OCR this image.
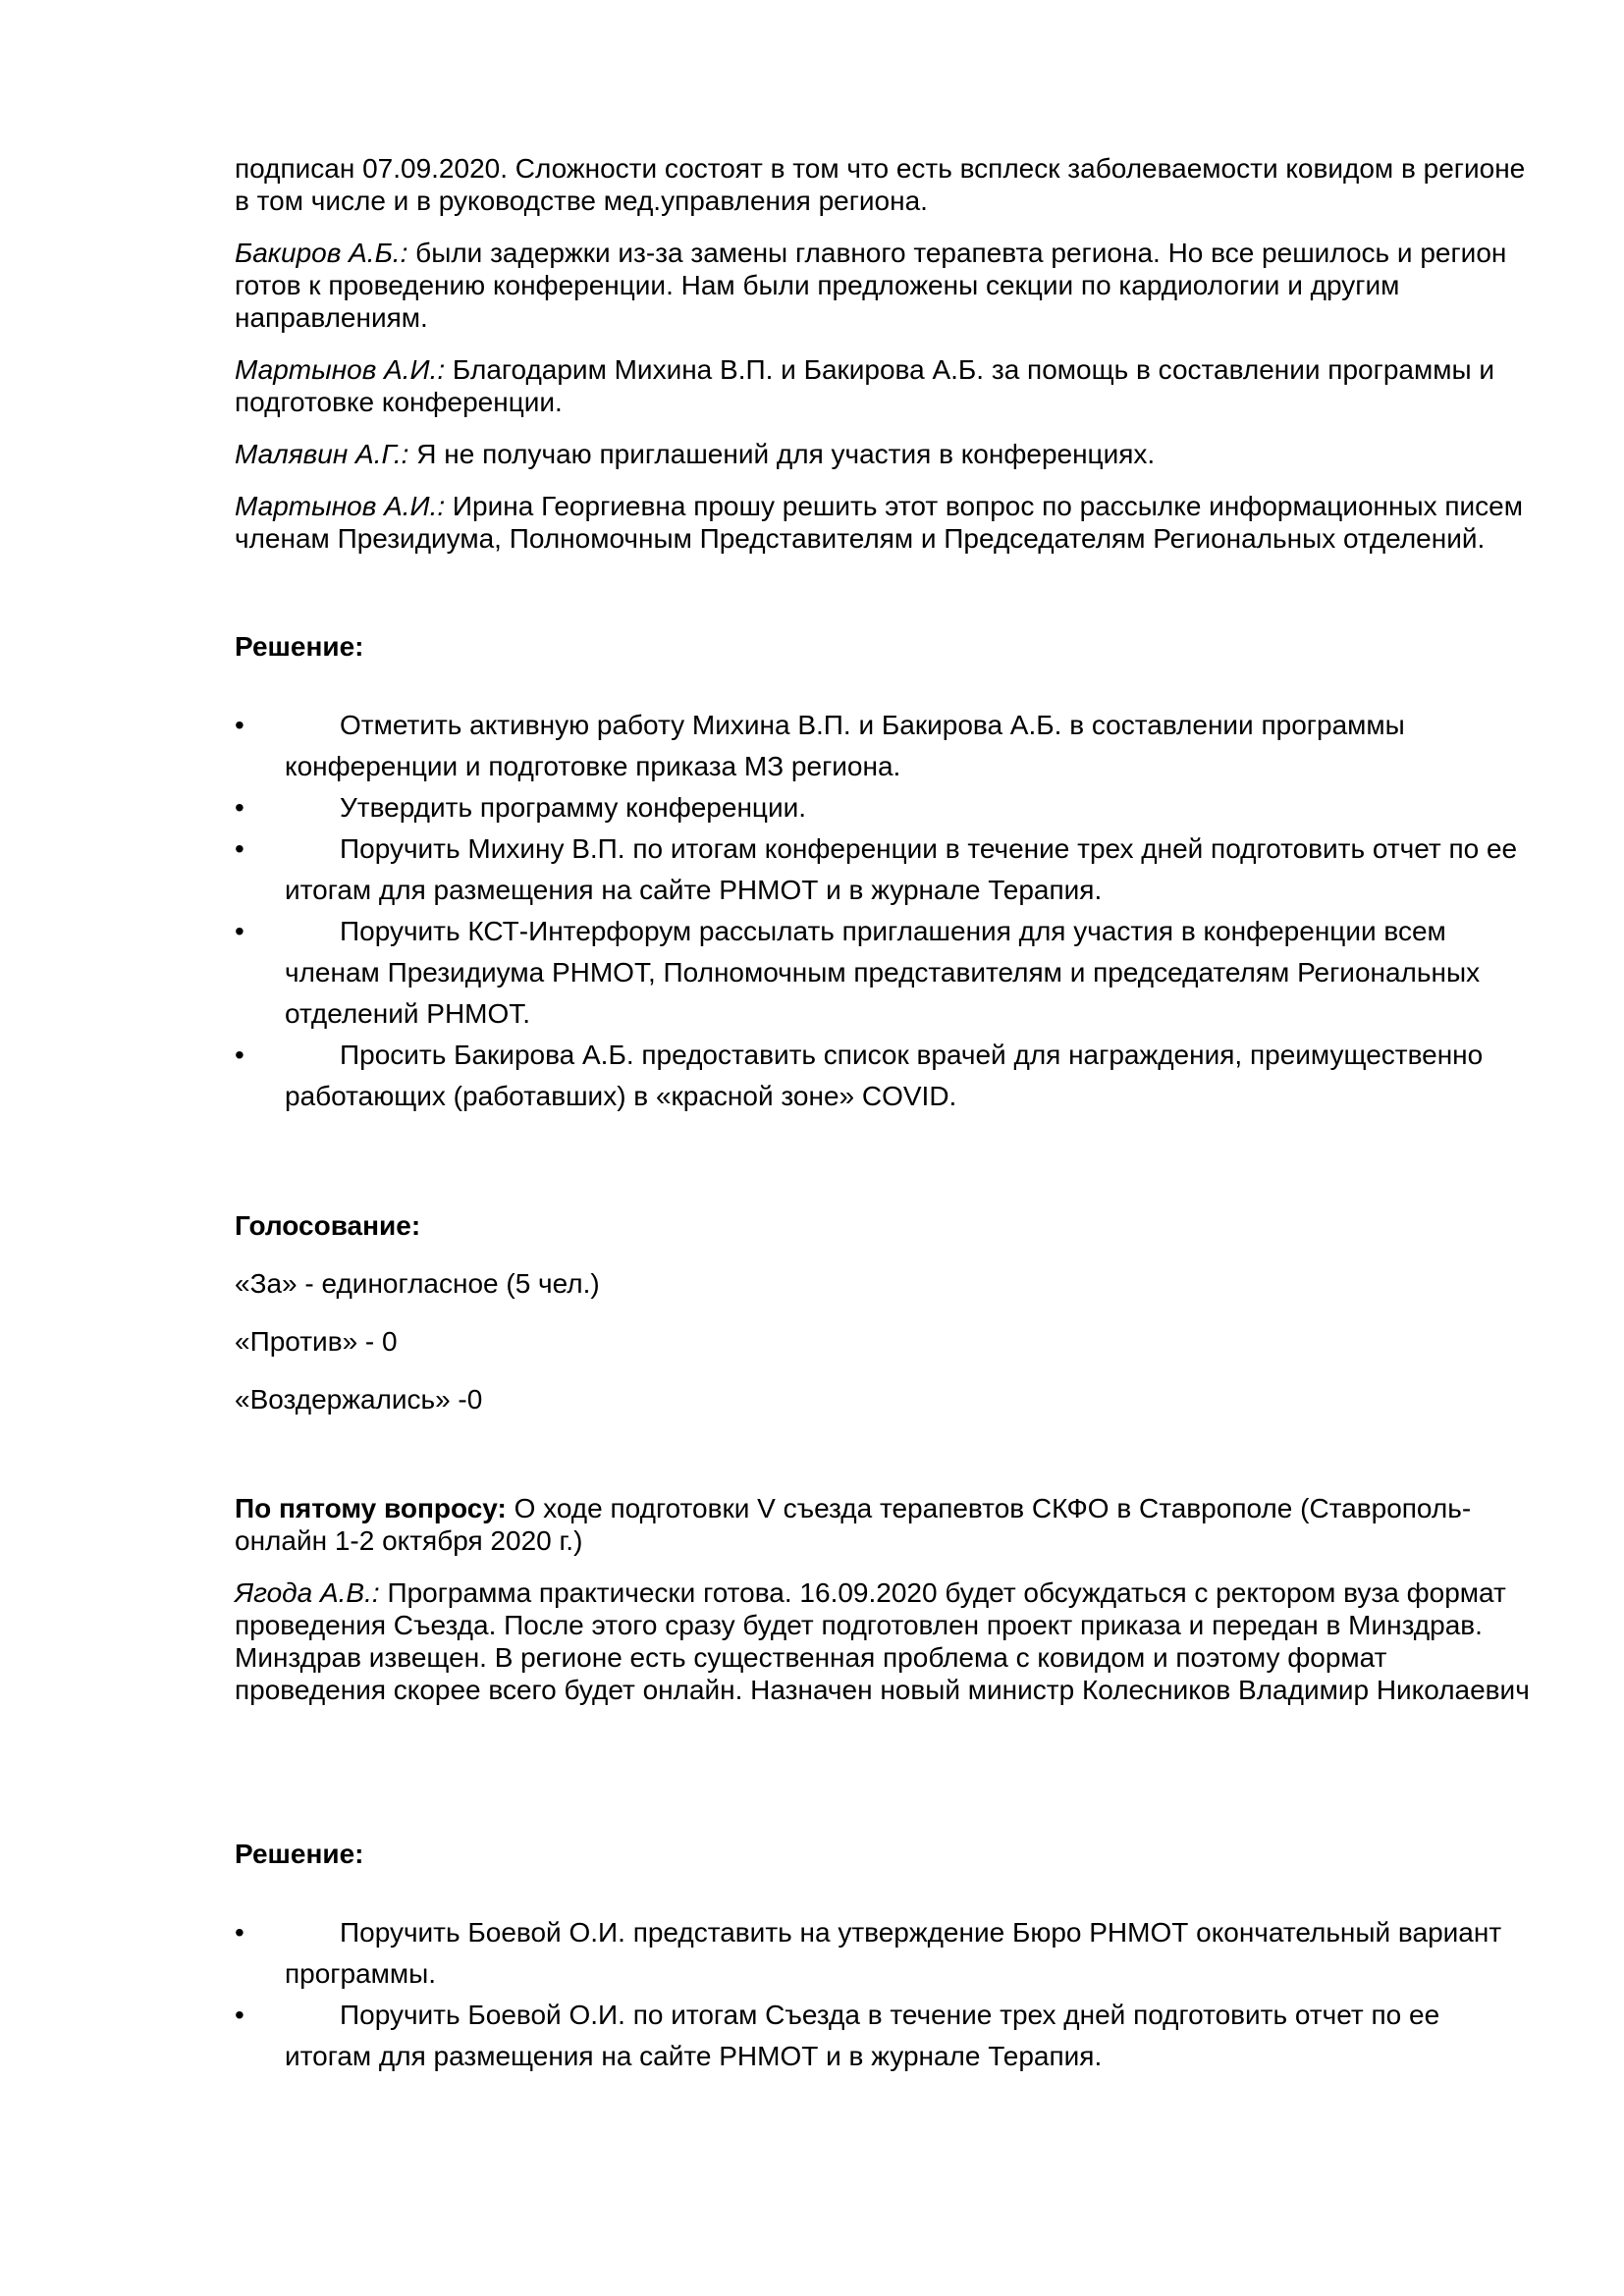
подписан 07.09.2020. Сложности состоят в том что есть всплеск заболеваемости ковидом в регионе в том числе и в руководстве мед.управления региона.

Бакиров А.Б.: были задержки из-за замены главного терапевта региона. Но все решилось и регион готов к проведению конференции. Нам были предложены секции по кардиологии и другим направлениям.

Мартынов А.И.: Благодарим Михина В.П. и Бакирова А.Б. за помощь в составлении программы и подготовке конференции.

Малявин А.Г.: Я не получаю приглашений для участия в конференциях.

Мартынов А.И.: Ирина Георгиевна прошу решить этот вопрос по рассылке информационных писем членам Президиума, Полномочным Представителям и Председателям Региональных отделений.

Решение:

•	Отметить активную работу Михина В.П. и Бакирова А.Б. в составлении программы конференции и подготовке приказа МЗ региона.
•	Утвердить программу конференции.
•	Поручить Михину В.П. по итогам конференции в течение трех дней подготовить отчет по ее итогам для размещения на сайте РНМОТ и в журнале Терапия.
•	Поручить КСТ-Интерфорум рассылать приглашения для участия в конференции всем членам Президиума РНМОТ, Полномочным представителям и председателям Региональных отделений РНМОТ.
•	Просить Бакирова А.Б. предоставить список врачей для награждения, преимущественно работающих (работавших) в «красной зоне» COVID.

Голосование:

«За» - единогласное (5 чел.)

«Против» - 0

«Воздержались» -0

По пятому вопросу: О ходе подготовки V съезда терапевтов СКФО в Ставрополе (Ставрополь- онлайн 1-2 октября 2020 г.)

Ягода А.В.: Программа практически готова. 16.09.2020 будет обсуждаться с ректором вуза формат проведения Съезда. После этого сразу будет подготовлен проект приказа и передан в Минздрав. Минздрав извещен. В регионе есть существенная проблема с ковидом и поэтому формат проведения скорее всего будет онлайн. Назначен новый министр Колесников Владимир Николаевич

Решение:

•	Поручить Боевой О.И. представить на утверждение Бюро РНМОТ окончательный вариант программы.
•	Поручить Боевой О.И. по итогам Съезда в течение трех дней подготовить отчет по ее итогам для размещения на сайте РНМОТ и в журнале Терапия.
